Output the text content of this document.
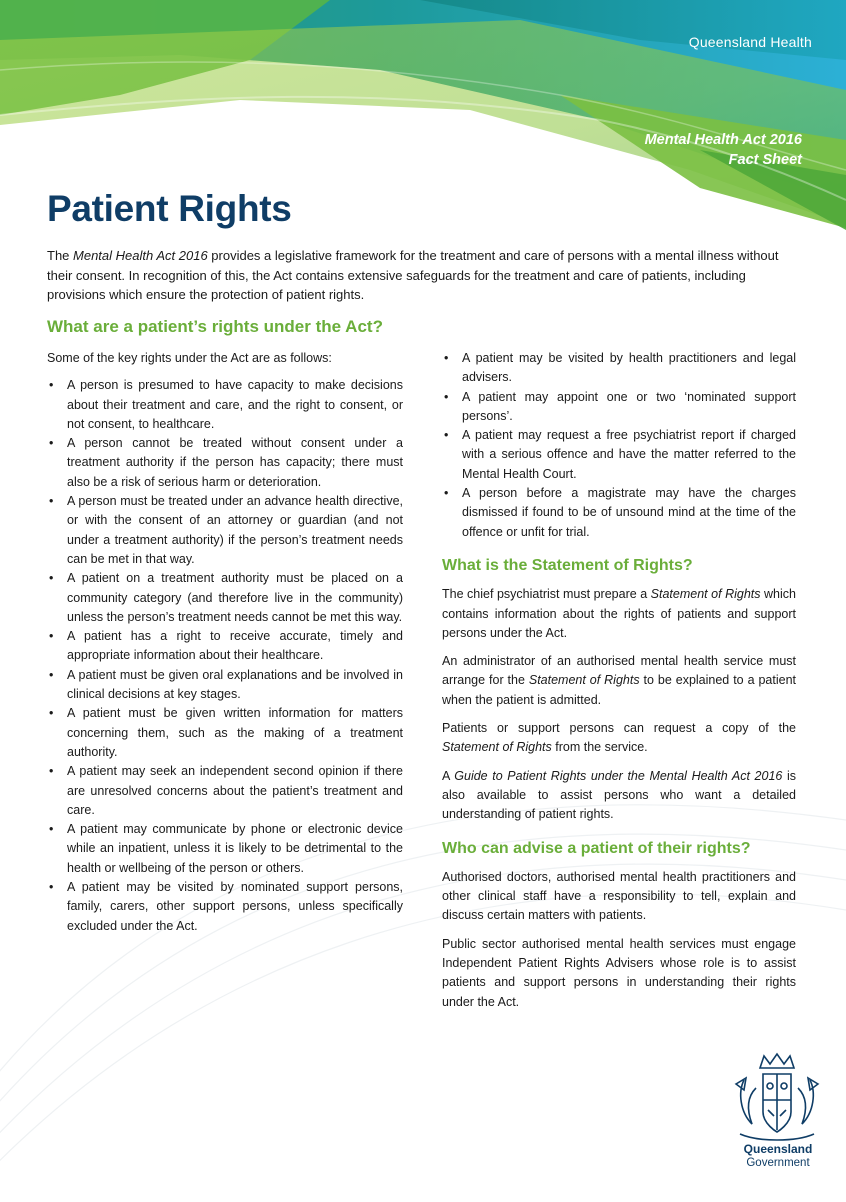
Queensland Health
Mental Health Act 2016
Fact Sheet
Patient Rights

The Mental Health Act 2016 provides a legislative framework for the treatment and care of persons with a mental illness without their consent. In recognition of this, the Act contains extensive safeguards for the treatment and care of patients, including provisions which ensure the protection of patient rights.

What are a patient’s rights under the Act?

Some of the key rights under the Act are as follows:

• A person is presumed to have capacity to make decisions about their treatment and care, and the right to consent, or not consent, to healthcare.
• A person cannot be treated without consent under a treatment authority if the person has capacity; there must also be a risk of serious harm or deterioration.
• A person must be treated under an advance health directive, or with the consent of an attorney or guardian (and not under a treatment authority) if the person’s treatment needs can be met in that way.
• A patient on a treatment authority must be placed on a community category (and therefore live in the community) unless the person’s treatment needs cannot be met this way.
• A patient has a right to receive accurate, timely and appropriate information about their healthcare.
• A patient must be given oral explanations and be involved in clinical decisions at key stages.
• A patient must be given written information for matters concerning them, such as the making of a treatment authority.
• A patient may seek an independent second opinion if there are unresolved concerns about the patient’s treatment and care.
• A patient may communicate by phone or electronic device while an inpatient, unless it is likely to be detrimental to the health or wellbeing of the person or others.
• A patient may be visited by nominated support persons, family, carers, other support persons, unless specifically excluded under the Act.
• A patient may be visited by health practitioners and legal advisers.
• A patient may appoint one or two ‘nominated support persons’.
• A patient may request a free psychiatrist report if charged with a serious offence and have the matter referred to the Mental Health Court.
• A person before a magistrate may have the charges dismissed if found to be of unsound mind at the time of the offence or unfit for trial.
What is the Statement of Rights?

The chief psychiatrist must prepare a Statement of Rights which contains information about the rights of patients and support persons under the Act.

An administrator of an authorised mental health service must arrange for the Statement of Rights to be explained to a patient when the patient is admitted.

Patients or support persons can request a copy of the Statement of Rights from the service.

A Guide to Patient Rights under the Mental Health Act 2016 is also available to assist persons who want a detailed understanding of patient rights.

Who can advise a patient of their rights?

Authorised doctors, authorised mental health practitioners and other clinical staff have a responsibility to tell, explain and discuss certain matters with patients.

Public sector authorised mental health services must engage Independent Patient Rights Advisers whose role is to assist patients and support persons in understanding their rights under the Act.

Queensland
Government
